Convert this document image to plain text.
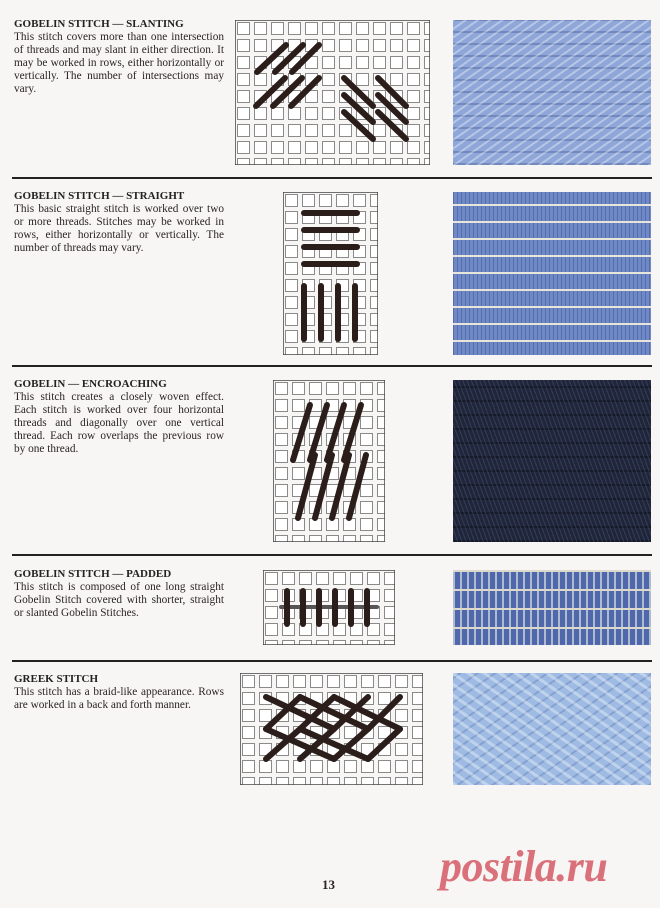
GOBELIN STITCH — SLANTING

This stitch covers more than one intersection of threads and may slant in either direction. It may be worked in rows, either horizontally or vertically. The number of intersections may vary.

GOBELIN STITCH — STRAIGHT

This basic straight stitch is worked over two or more threads. Stitches may be worked in rows, either horizontally or vertically. The number of threads may vary.

GOBELIN — ENCROACHING

This stitch creates a closely woven effect. Each stitch is worked over four horizontal threads and diagonally over one vertical thread. Each row overlaps the previous row by one thread.

GOBELIN STITCH — PADDED

This stitch is composed of one long straight Gobelin Stitch covered with shorter, straight or slanted Gobelin Stitches.

GREEK STITCH

This stitch has a braid-like appearance. Rows are worked in a back and forth manner.

13 postila.ru
